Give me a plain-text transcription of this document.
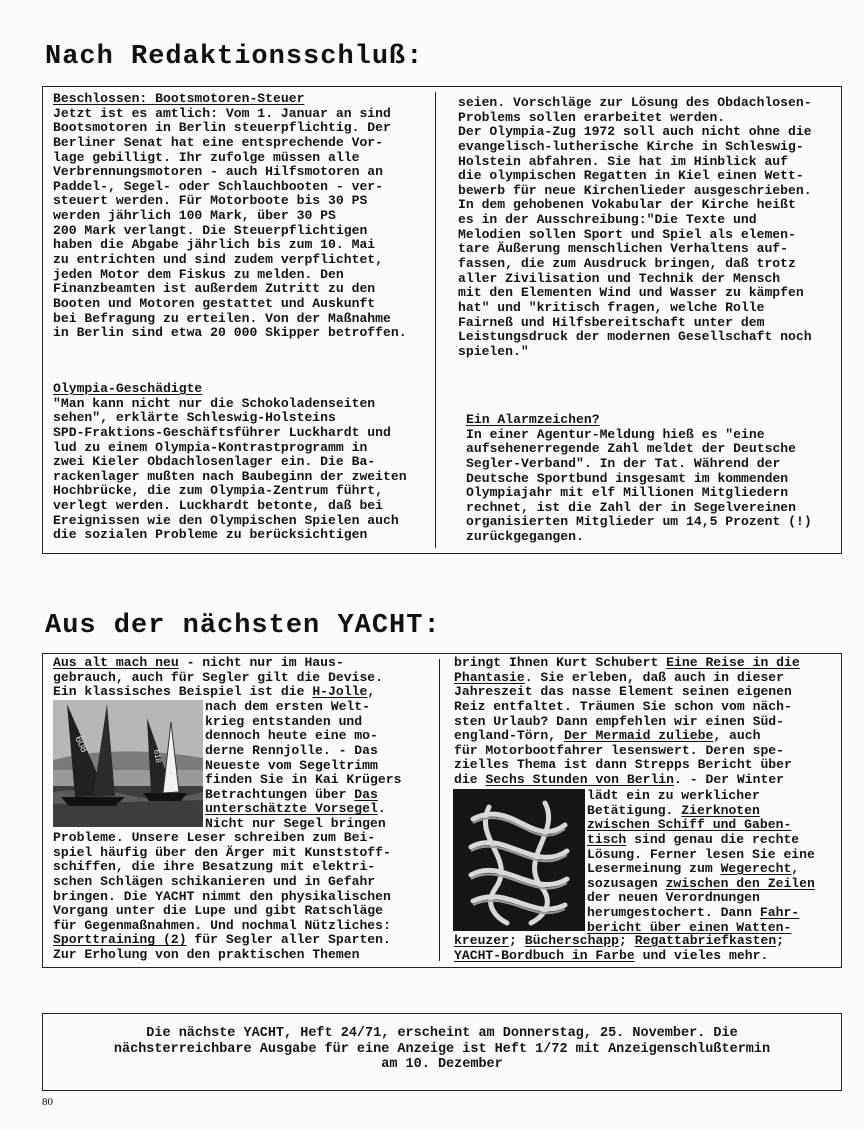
Nach Redaktionsschluß:
Beschlossen: Bootsmotoren-Steuer
Jetzt ist es amtlich: Vom 1. Januar an sind
Bootsmotoren in Berlin steuerpflichtig. Der
Berliner Senat hat eine entsprechende Vor-
lage gebilligt. Ihr zufolge müssen alle
Verbrennungsmotoren - auch Hilfsmotoren an
Paddel-, Segel- oder Schlauchbooten - ver-
steuert werden. Für Motorboote bis 30 PS
werden jährlich 100 Mark, über 30 PS
200 Mark verlangt. Die Steuerpflichtigen
haben die Abgabe jährlich bis zum 10. Mai
zu entrichten und sind zudem verpflichtet,
jeden Motor dem Fiskus zu melden. Den
Finanzbeamten ist außerdem Zutritt zu den
Booten und Motoren gestattet und Auskunft
bei Befragung zu erteilen. Von der Maßnahme
in Berlin sind etwa 20 000 Skipper betroffen.
Olympia-Geschädigte
"Man kann nicht nur die Schokoladenseiten
sehen", erklärte Schleswig-Holsteins
SPD-Fraktions-Geschäftsführer Luckhardt und
lud zu einem Olympia-Kontrastprogramm in
zwei Kieler Obdachlosenlager ein. Die Ba-
rackenlager mußten nach Baubeginn der zweiten
Hochbrücke, die zum Olympia-Zentrum führt,
verlegt werden. Luckhardt betonte, daß bei
Ereignissen wie den Olympischen Spielen auch
die sozialen Probleme zu berücksichtigen
seien. Vorschläge zur Lösung des Obdachlosen-
Problems sollen erarbeitet werden.
Der Olympia-Zug 1972 soll auch nicht ohne die
evangelisch-lutherische Kirche in Schleswig-
Holstein abfahren. Sie hat im Hinblick auf
die olympischen Regatten in Kiel einen Wett-
bewerb für neue Kirchenlieder ausgeschrieben.
In dem gehobenen Vokabular der Kirche heißt
es in der Ausschreibung:"Die Texte und
Melodien sollen Sport und Spiel als elemen-
tare Äußerung menschlichen Verhaltens auf-
fassen, die zum Ausdruck bringen, daß trotz
aller Zivilisation und Technik der Mensch
mit den Elementen Wind und Wasser zu kämpfen
hat" und "kritisch fragen, welche Rolle
Fairneß und Hilfsbereitschaft unter dem
Leistungsdruck der modernen Gesellschaft noch
spielen."
Ein Alarmzeichen?
In einer Agentur-Meldung hieß es "eine
aufsehenerregende Zahl meldet der Deutsche
Segler-Verband". In der Tat. Während der
Deutsche Sportbund insgesamt im kommenden
Olympiajahr mit elf Millionen Mitgliedern
rechnet, ist die Zahl der in Segelvereinen
organisierten Mitglieder um 14,5 Prozent (!)
zurückgegangen.
Aus der nächsten YACHT:
Aus alt mach neu - nicht nur im Haus-
gebrauch, auch für Segler gilt die Devise.
Ein klassisches Beispiel ist die H-Jolle,
608
618
nach dem ersten Welt-
krieg entstanden und
dennoch heute eine mo-
derne Rennjolle. - Das
Neueste vom Segeltrimm
finden Sie in Kai Krügers
Betrachtungen über Das
unterschätzte Vorsegel.
Nicht nur Segel bringen
Probleme. Unsere Leser schreiben zum Bei-
spiel häufig über den Ärger mit Kunststoff-
schiffen, die ihre Besatzung mit elektri-
schen Schlägen schikanieren und in Gefahr
bringen. Die YACHT nimmt den physikalischen
Vorgang unter die Lupe und gibt Ratschläge
für Gegenmaßnahmen. Und nochmal Nützliches:
Sporttraining (2) für Segler aller Sparten.
Zur Erholung von den praktischen Themen
bringt Ihnen Kurt Schubert Eine Reise in die
Phantasie. Sie erleben, daß auch in dieser
Jahreszeit das nasse Element seinen eigenen
Reiz entfaltet. Träumen Sie schon vom näch-
sten Urlaub? Dann empfehlen wir einen Süd-
england-Törn, Der Mermaid zuliebe, auch
für Motorbootfahrer lesenswert. Deren spe-
zielles Thema ist dann Strepps Bericht über
die Sechs Stunden von Berlin. - Der Winter
lädt ein zu werklicher
Betätigung. Zierknoten
zwischen Schiff und Gaben-
tisch sind genau die rechte
Lösung. Ferner lesen Sie eine
Lesermeinung zum Wegerecht,
sozusagen zwischen den Zeilen
der neuen Verordnungen
herumgestochert. Dann Fahr-
bericht über einen Watten-
kreuzer; Bücherschapp; Regattabriefkasten;
YACHT-Bordbuch in Farbe und vieles mehr.
Die nächste YACHT, Heft 24/71, erscheint am Donnerstag, 25. November. Die
nächsterreichbare Ausgabe für eine Anzeige ist Heft 1/72 mit Anzeigenschlußtermin
am 10. Dezember
80
